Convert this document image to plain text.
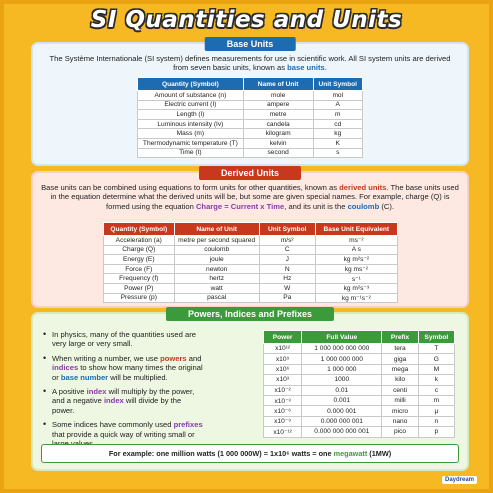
SI Quantities and Units
Base Units
The Système Internationale (SI system) defines measurements for use in scientific work. All SI system units are derived from seven basic units, known as base units.
Quantity (Symbol)	Name of Unit	Unit Symbol
Amount of substance (n)	mole	mol
Electric current (I)	ampere	A
Length (l)	metre	m
Luminous intensity (Iv)	candela	cd
Mass (m)	kilogram	kg
Thermodynamic temperature (T)	kelvin	K
Time (t)	second	s
Derived Units
Base units can be combined using equations to form units for other quantities, known as derived units. The base units used in the equation determine what the derived units will be, but some are given special names. For example, charge (Q) is formed using the equation Charge = Current x Time, and its unit is the coulomb (C).
Quantity (Symbol)	Name of Unit	Unit Symbol	Base Unit Equivalent
Acceleration (a)	metre per second squared	m/s²	ms⁻²
Charge (Q)	coulomb	C	A s
Energy (E)	joule	J	kg m²s⁻²
Force (F)	newton	N	kg ms⁻²
Frequency (f)	hertz	Hz	s⁻¹
Power (P)	watt	W	kg m²s⁻³
Pressure (p)	pascal	Pa	kg m⁻¹s⁻²
Powers, Indices and Prefixes
• In physics, many of the quantities used are very large or very small.
• When writing a number, we use powers and indices to show how many times the original or base number will be multiplied.
• A positive index will multiply by the power, and a negative index will divide by the power.
• Some indices have commonly used prefixes that provide a quick way of writing small or
Power	Full Value	Prefix	Symbol
x10¹²	1 000 000 000 000	tera	T
x10⁹	1 000 000 000	giga	G
x10⁶	1 000 000	mega	M
x10³	1000	kilo	k
x10⁻²	0.01	centi	c
x10⁻³	0.001	milli	m
x10⁻⁶	0.000 001	micro	μ
x10⁻⁹	0.000 000 001	nano	n
x10⁻¹²	0.000 000 000 001	pico	p
For example: one million watts (1 000 000W) = 1x10⁶ watts = one megawatt (1MW)
Daydream
